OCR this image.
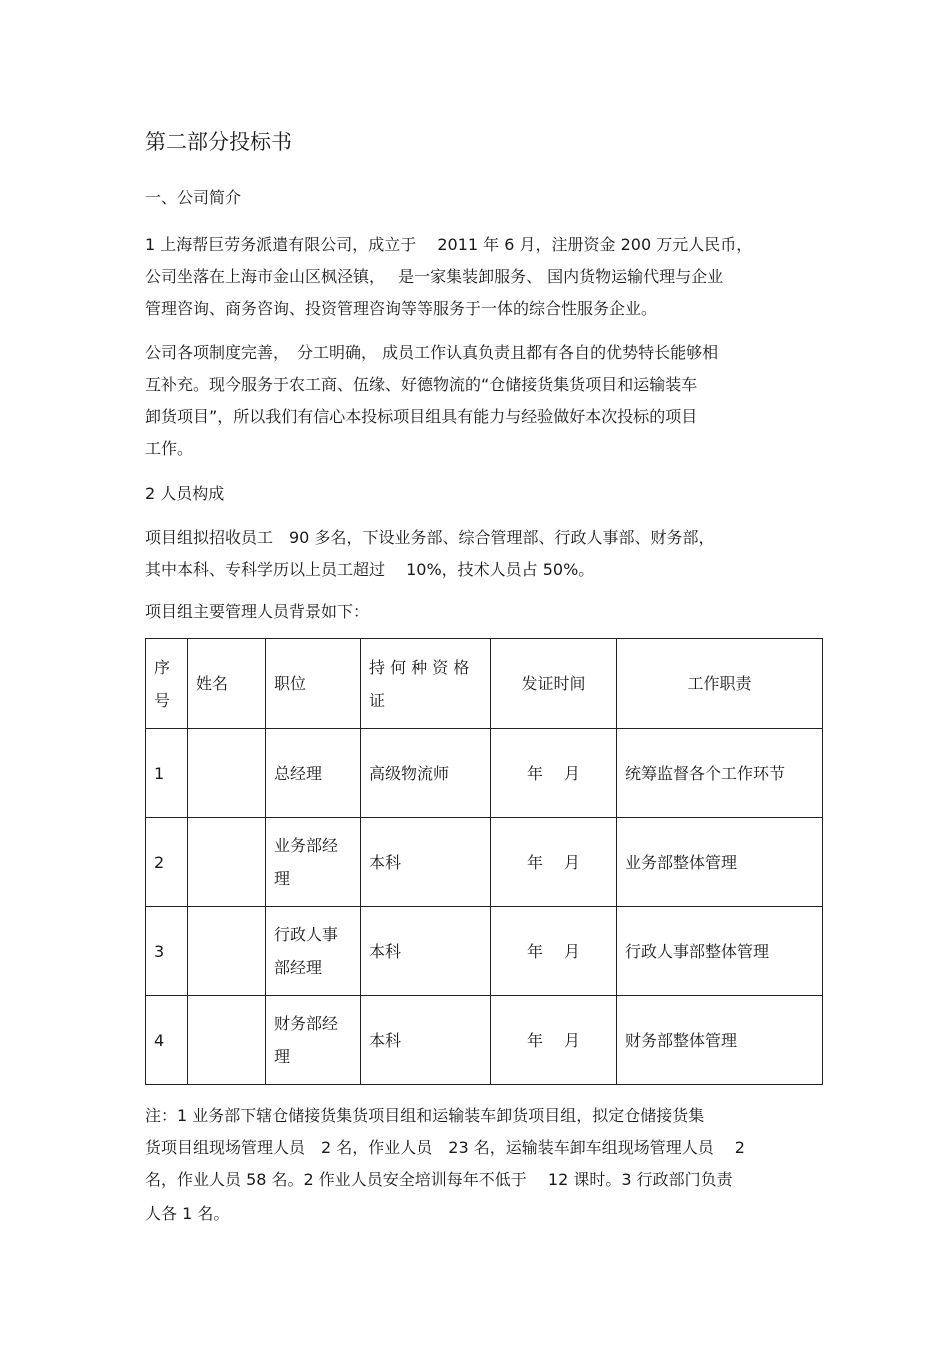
第二部分投标书
一、公司简介
1 上海帮巨劳务派遣有限公司，成立于　 2011 年 6 月，注册资金 200 万元人民币，
公司坐落在上海市金山区枫泾镇，　 是一家集装卸服务、 国内货物运输代理与企业
管理咨询、商务咨询、投资管理咨询等等服务于一体的综合性服务企业。
公司各项制度完善，　分工明确， 成员工作认真负责且都有各自的优势特长能够相
互补充。现今服务于农工商、伍缘、好德物流的“仓储接货集货项目和运输装车
卸货项目”，所以我们有信心本投标项目组具有能力与经验做好本次投标的项目
工作。
2 人员构成
项目组拟招收员工　90 多名，下设业务部、综合管理部、行政人事部、财务部，
其中本科、专科学历以上员工超过　 10%，技术人员占 50%。
项目组主要管理人员背景如下：
序号	姓名	职位	持 何 种 资 格 证	发证时间	工作职责
1		总经理	高级物流师	年　 月	统筹监督各个工作环节
2		业务部经理	本科	年　 月	业务部整体管理
3		行政人事部经理	本科	年　 月	行政人事部整体管理
4		财务部经理	本科	年　 月	财务部整体管理
注：1 业务部下辖仓储接货集货项目组和运输装车卸货项目组，拟定仓储接货集
货项目组现场管理人员　2 名，作业人员　23 名，运输装车卸车组现场管理人员　 2
名，作业人员 58 名。2 作业人员安全培训每年不低于　 12 课时。3 行政部门负责
人各 1 名。
